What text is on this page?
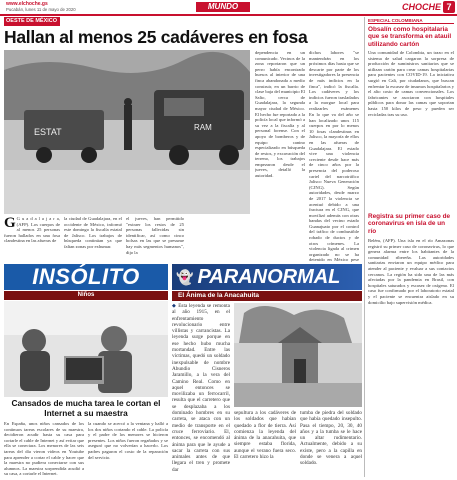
www.elchoche.gs
Pucabán, lunes 11 de mayo de 2020	MUNDO	CHOCHE 7
OESTE DE MÉXICO
Hallan al menos 25 cadáveres en fosa
ESTAT	RAM
G G u a d a l a j a r a, (AFP). Los cuerpos de al menos 25 personas fueron hallados en una fosa clandestina en las afueras de
la ciudad de Guadalajara, en el occidente de México, informó este domingo la fiscalía estatal de Jalisco. Los trabajos de búsqueda continúan ya que faltan zonas por exhumar.
el jueves, han permitido "extraer los restos de 25 personas fallecidas sin identificar, así como cinco bolsas en las que se presume hay más segmentos humanos", dijo la
dependencia en un comunicado. Vecinos de la zona reportaron que un perro había encontrado huesos al interior de una finca abandonada a medio construir, en un barrio de clase baja del municipio El Salto, cerca de Guadalajara, la segunda mayor ciudad de México. El hecho fue reportado a la policía local que informó a su vez a la fiscalía y al personal forense. Con el apoyo de bomberos y de equipo canino especializado en búsqueda de restos, y excavación del terreno, los trabajos empezaron desde el jueves, detalló la autoridad.
dichos labores "se mantendrán en los próximos días hasta que se descarte por parte de los investigadores la presencia de más indicios en la finca", indicó la fiscalía. Los cadáveres y los indicios fueron trasladados a la morgue local para realizarles exámenes
En lo que va del año se han localizado unos 115 cuerpos en por lo menos 10 fosas clandestinas en Jalisco, la mayoría de ellos en las afueras de Guadalajara. El estado vive una violencia creciente desde hace más de cinco años por la presencia del poderoso cartel del narcotráfico Jalisco Nueva Generación (CJNG). Según autoridades, desde marzo de 2017 la violencia se acentuó debido a una fractura en el CJNG, que movilizó además con otras bandas del vecino estado Guanajuato por el control del tráfico de combustible robado de ductos y de otros crímenes. La violencia ligada al crimen organizado no se ha detenido en México pese
ESPECIAL COLOMBIANA
Obsalín como hospitalaria que se transforma en atauil utilizando cartón
Una comunidad de Colombia, un trazo en el sistema de salud cargaron la sorpresa de producción de suministros sanitarios que se utilizan cartón para crear camas hospitalarias para pacientes con COVID-19. La iniciativa surgió en Cali, por ciudadanos, que buscan enfrentar la escasez de insumos hospitalarios y el alto costo de camas convencionales. Los fabricantes se asociaron con hospitales públicos para donar las camas que soportan hasta 150 kilos de peso y pueden ser recicladas tras su uso.
Registra su primer caso de coronavirus en isla de un río
Belém, (AFP). Una isla en el río Amazonas registró su primer caso de coronavirus, lo que genera alarma entre los habitantes de la comunidad ribereña. Las autoridades sanitarias enviaron un equipo médico para atender al paciente y evaluar a sus contactos cercanos. La región ha sido una de las más afectadas por la pandemia en Brasil, con hospitales saturados y escasez de oxígeno. El caso fue confirmado por el laboratorio estatal y el paciente se encuentra aislado en su domicilio bajo supervisión médica.
INSÓLITO
Niños
Cansados de mucha tarea le cortan el Internet a su maestra
En España, unos niños cansados de los continuos tareas escolares de su maestra, decidieron acudir hasta su casa para cortarle el cable de Internet y así evitar que ella se conectara. Los menores de las seis tareas del día vieron videos en Youtube para aprender a cortar el cable y hacer que la maestra no pudiera conectarse con sus alumnos. La maestra sorprendida acudió a su casa, a cortarle el Internet.
la cuando se acercó a la ventana y halló a los dos niños cortando el cable. La policía y el padre de los menores se hicieron presentes. Los niños fueron regañados y se aseguró que no volverían a hacerlo. Los padres pagaron el costo de la reparación del servicio.
👻 PARANORMAL
El Ánima de la Anacahuita
◆ Esta leyenda se remonta al año 1915, en el enfrentamiento revolucionario entre villistas y carrancistas. La leyenda surge porque en ese hecho hubo mucha mortandad. Entre las víctimas, quedó un soldado inexpulsable de nombre Abundio Cisneros Jaramillo, a la vera del Camino Real. Como en aquel entonces se movilizaba un ferrocarril, resulta que el carretero que se desplazaba a los dominado hombres en su carreta, se ataca con un medio de transporte en el cruce ferroviario. El, entonces, se encomendó al ánima para que le ayude a sacar la carreta con sus animales antes de que llegara el tren y promete dar
sepultura a los cadáveres de los soldados que habían quedado a flor de tierra. Así comienza la leyenda del ánima de la anacahuita, que siempre estaba florida, aunque el verano fuera seco. El carretero hizo la
tumba de piedra del soldado que había quedado insepulto. Pasa el tiempo, 20, 30, 40 años y a la tumba se le hace un altar rudimentario. Actualmente, debido a su existe, pero a la capilla en donde se venera a aquel soldado.
